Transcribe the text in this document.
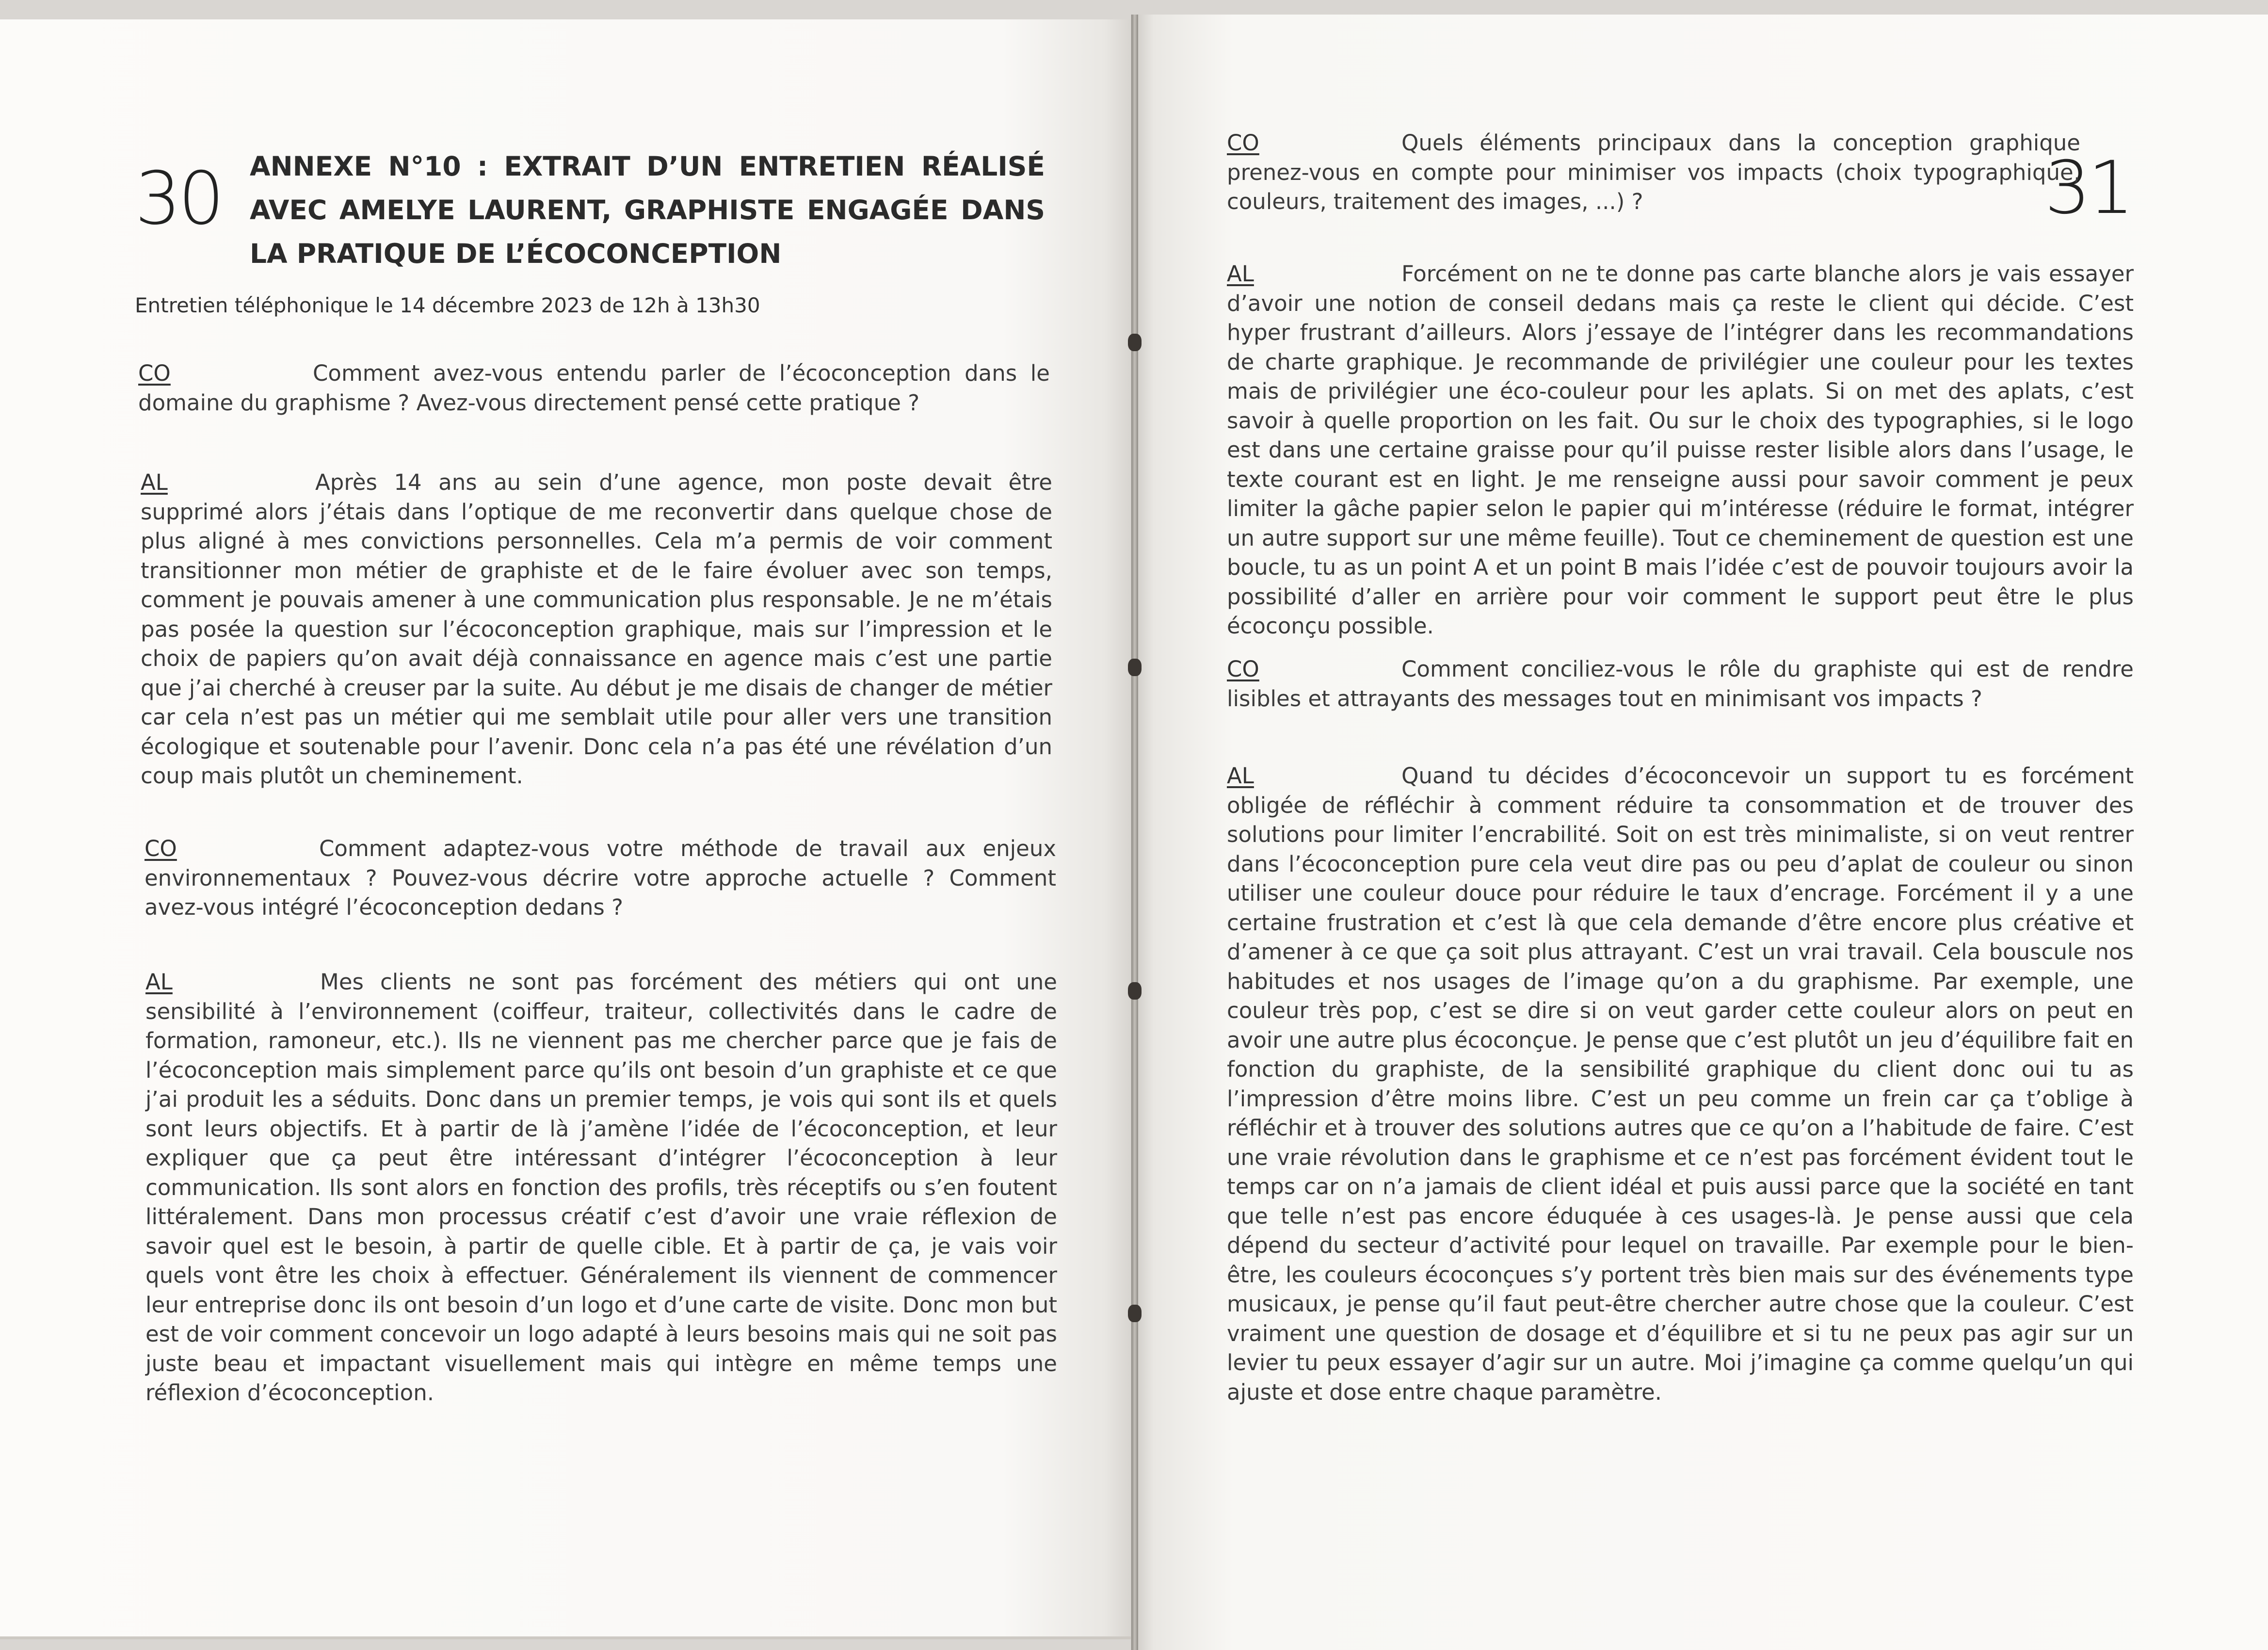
30 ANNEXE N°10 : EXTRAIT D’UN ENTRETIEN RÉALISÉ AVEC AMELYE LAURENT, GRAPHISTE ENGAGÉE DANS LA PRATIQUE DE L’ÉCOCONCEPTION
Entretien téléphonique le 14 décembre 2023 de 12h à 13h30

CO	Comment avez-vous entendu parler de l’écoconception dans le domaine du graphisme ? Avez-vous directement pensé cette pratique ?

AL	Après 14 ans au sein d’une agence, mon poste devait être supprimé alors j’étais dans l’optique de me reconvertir dans quelque chose de plus aligné à mes convictions personnelles. Cela m’a permis de voir comment transitionner mon métier de graphiste et de le faire évoluer avec son temps, comment je pouvais amener à une communication plus responsable. Je ne m’étais pas posée la question sur l’écoconception graphique, mais sur l’impression et le choix de papiers qu’on avait déjà connaissance en agence mais c’est une partie que j’ai cherché à creuser par la suite. Au début je me disais de changer de métier car cela n’est pas un métier qui me semblait utile pour aller vers une transition écologique et soutenable pour l’avenir. Donc cela n’a pas été une révélation d’un coup mais plutôt un cheminement.

CO	Comment adaptez-vous votre méthode de travail aux enjeux environnementaux ? Pouvez-vous décrire votre approche actuelle ? Comment avez-vous intégré l’écoconception dedans ?

AL	Mes clients ne sont pas forcément des métiers qui ont une sensibilité à l’environnement (coiffeur, traiteur, collectivités dans le cadre de formation, ramoneur, etc.). Ils ne viennent pas me chercher parce que je fais de l’écoconception mais simplement parce qu’ils ont besoin d’un graphiste et ce que j’ai produit les a séduits. Donc dans un premier temps, je vois qui sont ils et quels sont leurs objectifs. Et à partir de là j’amène l’idée de l’écoconception, et leur expliquer que ça peut être intéressant d’intégrer l’écoconception à leur communication. Ils sont alors en fonction des profils, très réceptifs ou s’en foutent littéralement. Dans mon processus créatif c’est d’avoir une vraie réflexion de savoir quel est le besoin, à partir de quelle cible. Et à partir de ça, je vais voir quels vont être les choix à effectuer. Généralement ils viennent de commencer leur entreprise donc ils ont besoin d’un logo et d’une carte de visite. Donc mon but est de voir comment concevoir un logo adapté à leurs besoins mais qui ne soit pas juste beau et impactant visuellement mais qui intègre en même temps une réflexion d’écoconception.

31

CO	Quels éléments principaux dans la conception graphique prenez-vous en compte pour minimiser vos impacts (choix typographique, couleurs, traitement des images, ...) ?

AL	Forcément on ne te donne pas carte blanche alors je vais essayer d’avoir une notion de conseil dedans mais ça reste le client qui décide. C’est hyper frustrant d’ailleurs. Alors j’essaye de l’intégrer dans les recommandations de charte graphique. Je recommande de privilégier une couleur pour les textes mais de privilégier une éco-couleur pour les aplats. Si on met des aplats, c’est savoir à quelle proportion on les fait. Ou sur le choix des typographies, si le logo est dans une certaine graisse pour qu’il puisse rester lisible alors dans l’usage, le texte courant est en light. Je me renseigne aussi pour savoir comment je peux limiter la gâche papier selon le papier qui m’intéresse (réduire le format, intégrer un autre support sur une même feuille). Tout ce cheminement de question est une boucle, tu as un point A et un point B mais l’idée c’est de pouvoir toujours avoir la possibilité d’aller en arrière pour voir comment le support peut être le plus écoconçu possible.

CO	Comment conciliez-vous le rôle du graphiste qui est de rendre lisibles et attrayants des messages tout en minimisant vos impacts ?

AL	Quand tu décides d’écoconcevoir un support tu es forcément obligée de réfléchir à comment réduire ta consommation et de trouver des solutions pour limiter l’encrabilité. Soit on est très minimaliste, si on veut rentrer dans l’écoconception pure cela veut dire pas ou peu d’aplat de couleur ou sinon utiliser une couleur douce pour réduire le taux d’encrage. Forcément il y a une certaine frustration et c’est là que cela demande d’être encore plus créative et d’amener à ce que ça soit plus attrayant. C’est un vrai travail. Cela bouscule nos habitudes et nos usages de l’image qu’on a du graphisme. Par exemple, une couleur très pop, c’est se dire si on veut garder cette couleur alors on peut en avoir une autre plus écoconçue. Je pense que c’est plutôt un jeu d’équilibre fait en fonction du graphiste, de la sensibilité graphique du client donc oui tu as l’impression d’être moins libre. C’est un peu comme un frein car ça t’oblige à réfléchir et à trouver des solutions autres que ce qu’on a l’habitude de faire. C’est une vraie révolution dans le graphisme et ce n’est pas forcément évident tout le temps car on n’a jamais de client idéal et puis aussi parce que la société en tant que telle n’est pas encore éduquée à ces usages-là. Je pense aussi que cela dépend du secteur d’activité pour lequel on travaille. Par exemple pour le bien-être, les couleurs écoconçues s’y portent très bien mais sur des événements type musicaux, je pense qu’il faut peut-être chercher autre chose que la couleur. C’est vraiment une question de dosage et d’équilibre et si tu ne peux pas agir sur un levier tu peux essayer d’agir sur un autre. Moi j’imagine ça comme quelqu’un qui ajuste et dose entre chaque paramètre.
